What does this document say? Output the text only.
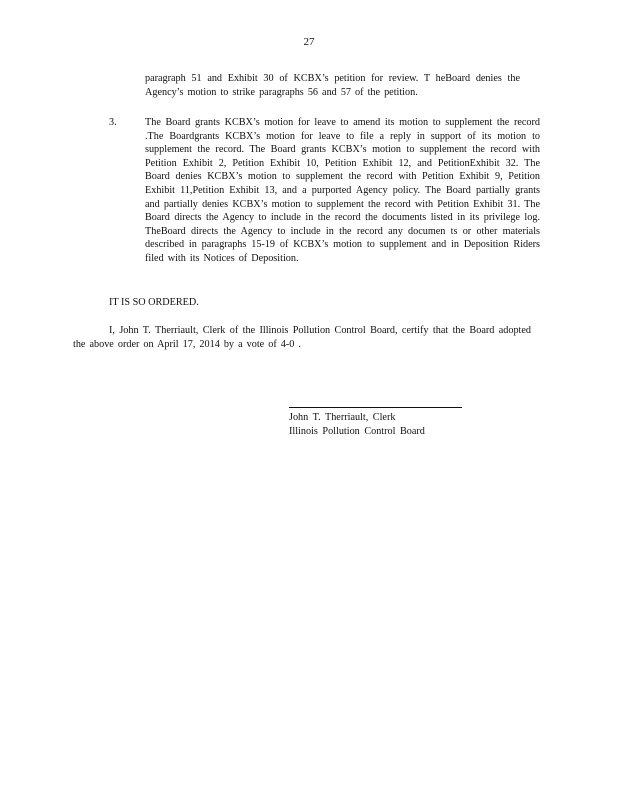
27
paragraph 51 and Exhibit 30 of KCBX’s petition for review. T heBoard denies the Agency’s motion to strike paragraphs 56 and 57 of the petition.
3.	The Board grants KCBX’s motion for leave to amend its motion to supplement the record .The Boardgrants KCBX’s motion for leave to file a reply in support of its motion to supplement the record. The Board grants KCBX’s motion to supplement the record with Petition Exhibit 2, Petition Exhibit 10, Petition Exhibit 12, and PetitionExhibit 32. The Board denies KCBX’s motion to supplement the record with Petition Exhibit 9, Petition Exhibit 11,Petition Exhibit 13, and a purported Agency policy. The Board partially grants and partially denies KCBX’s motion to supplement the record with Petition Exhibit 31. The Board directs the Agency to include in the record the documents listed in its privilege log. TheBoard directs the Agency to include in the record any documen ts or other materials described in paragraphs 15-19 of KCBX’s motion to supplement and in Deposition Riders filed with its Notices of Deposition.
IT IS SO ORDERED.
I, John T. Therriault, Clerk of the Illinois Pollution Control Board, certify that the Board adopted the above order on April 17, 2014 by a vote of 4-0 .
John T. Therriault, Clerk
Illinois Pollution Control Board
